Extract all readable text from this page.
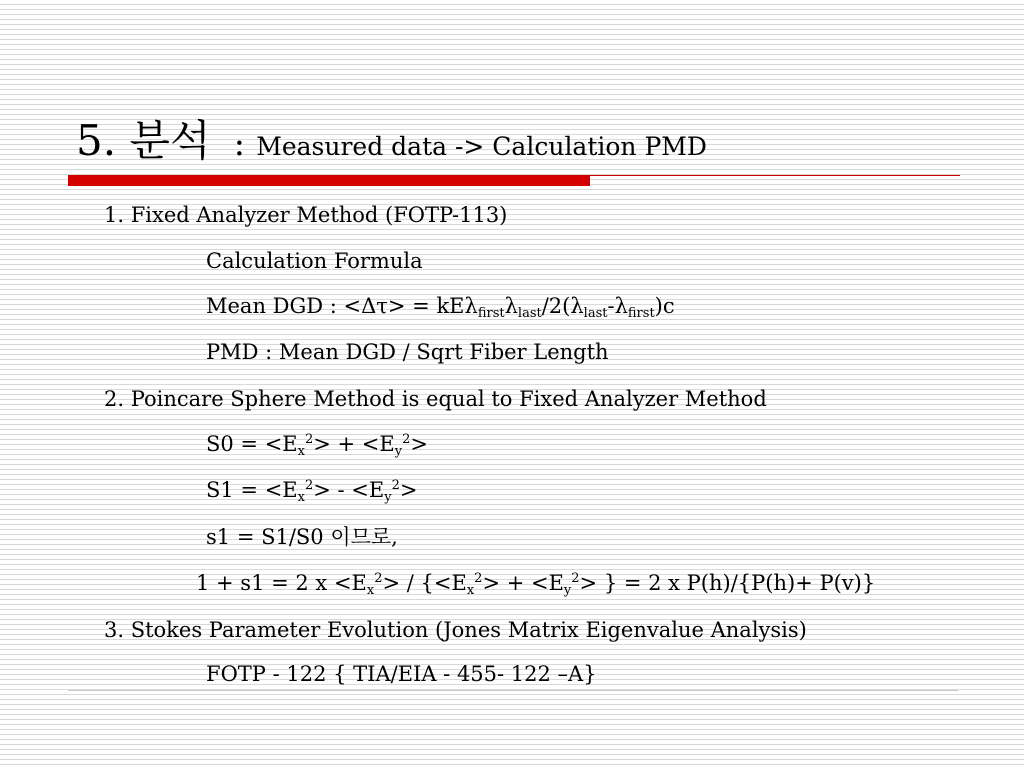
5. 분석 : Measured data -> Calculation PMD
1. Fixed Analyzer Method (FOTP-113)
Calculation Formula
Mean DGD : $<\Delta\tau> = kE\lambda_{first}\lambda_{last}/2(\lambda_{last}-\lambda_{first})c$
PMD : Mean DGD / Sqrt Fiber Length
2. Poincare Sphere Method is equal to Fixed Analyzer Method
$S0 = <E_x^2> + <E_y^2>$
$S1 = <E_x^2> - <E_y^2>$
s1 = S1/S0 이므로,
1 + s1 = 2 $x <E_x^2> / \{<E_x^2> + <E_y^2>$ } = 2 x P(h)/{P(h)+ P(v)}
3. Stokes Parameter Evolution (Jones Matrix Eigenvalue Analysis)
FOTP - 122 { TIA/EIA - 455- 122 –A}
